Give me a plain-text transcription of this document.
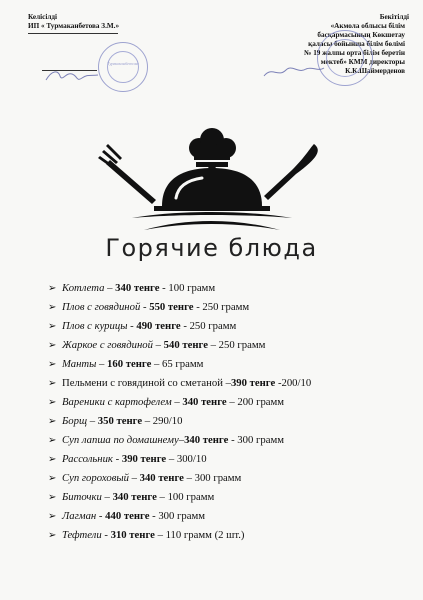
Келісілді
ИП « Турмаканбетова З.М.»
Турмаканбетова
Бекітілді
«Акмола облысы білім
басқармасының Көкшетау
қаласы бойынша білім бөлімі
№ 19 жалпы орта білім беретін
мектеб» КММ директоры
К.К.Шаймерденов
Горячие блюда
➢ Котлета – 340 тенге - 100 грамм
➢ Плов с говядиной - 550 тенге - 250 грамм
➢ Плов с курицы - 490 тенге - 250 грамм
➢ Жаркое с говядиной – 540 тенге – 250 грамм
➢ Манты – 160 тенге – 65 грамм
➢ Пельмени с говядиной со сметаной –390 тенге -200/10
➢ Вареники с картофелем – 340 тенге – 200 грамм
➢ Борщ – 350 тенге – 290/10
➢ Суп лапша по домашнему–340 тенге - 300 грамм
➢ Рассольник - 390 тенге – 300/10
➢ Суп гороховый – 340 тенге – 300 грамм
➢ Биточки – 340 тенге – 100 грамм
➢ Лагман - 440 тенге - 300 грамм
➢ Тефтели - 310 тенге – 110 грамм (2 шт.)
